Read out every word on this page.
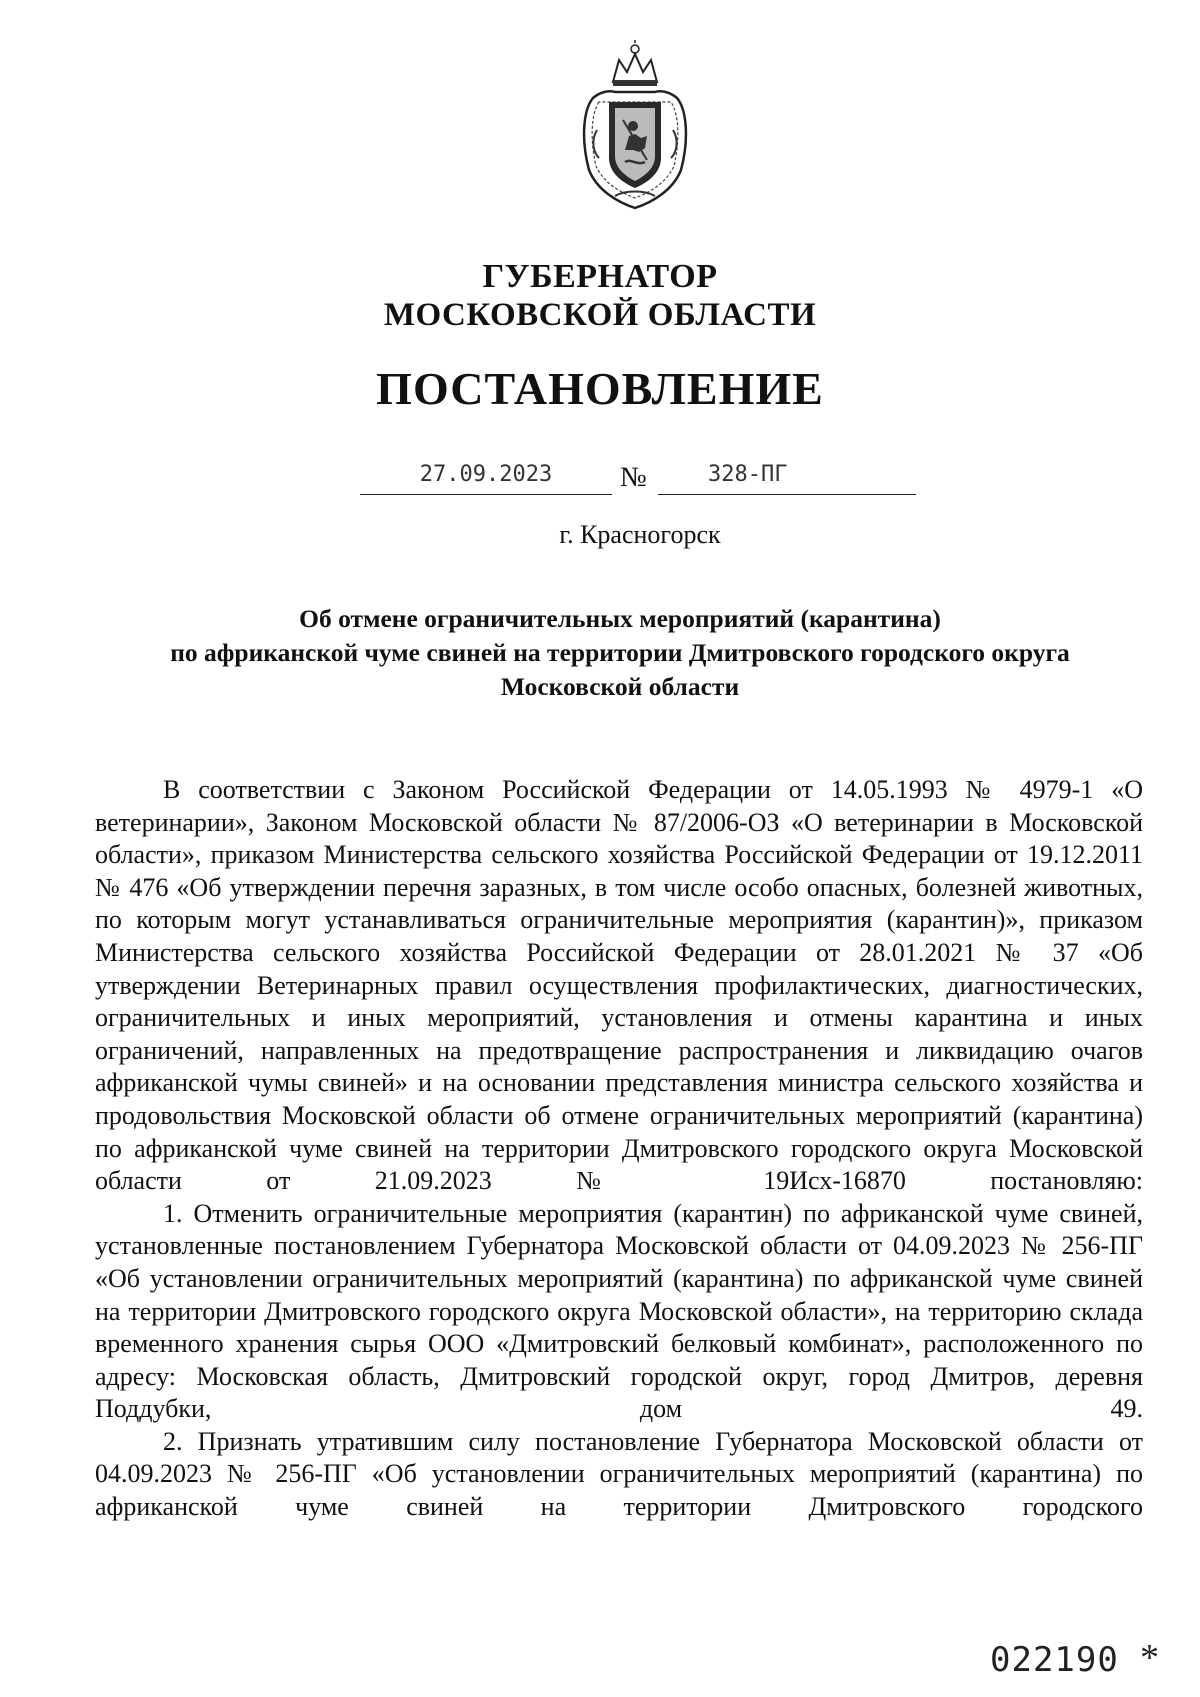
ГУБЕРНАТОР
МОСКОВСКОЙ ОБЛАСТИ
ПОСТАНОВЛЕНИЕ
27.09.2023	№	328-ПГ
г. Красногорск
Об отмене ограничительных мероприятий (карантина)
по африканской чуме свиней на территории Дмитровского городского округа
Московской области

В соответствии с Законом Российской Федерации от 14.05.1993 № 4979-1 «О ветеринарии», Законом Московской области № 87/2006-ОЗ «О ветеринарии в Московской области», приказом Министерства сельского хозяйства Российской Федерации от 19.12.2011 № 476 «Об утверждении перечня заразных, в том числе особо опасных, болезней животных, по которым могут устанавливаться ограничительные мероприятия (карантин)», приказом Министерства сельского хозяйства Российской Федерации от 28.01.2021 № 37 «Об утверждении Ветеринарных правил осуществления профилактических, диагностических, ограничительных и иных мероприятий, установления и отмены карантина и иных ограничений, направленных на предотвращение распространения и ликвидацию очагов африканской чумы свиней» и на основании представления министра сельского хозяйства и продовольствия Московской области об отмене ограничительных мероприятий (карантина) по африканской чуме свиней на территории Дмитровского городского округа Московской области от 21.09.2023 № 19Исх-16870 постановляю:

1. Отменить ограничительные мероприятия (карантин) по африканской чуме свиней, установленные постановлением Губернатора Московской области от 04.09.2023 № 256-ПГ «Об установлении ограничительных мероприятий (карантина) по африканской чуме свиней на территории Дмитровского городского округа Московской области», на территорию склада временного хранения сырья ООО «Дмитровский белковый комбинат», расположенного по адресу: Московская область, Дмитровский городской округ, город Дмитров, деревня Поддубки, дом 49.

2. Признать утратившим силу постановление Губернатора Московской области от 04.09.2023 № 256-ПГ «Об установлении ограничительных мероприятий (карантина) по африканской чуме свиней на территории Дмитровского городского

022190 *
